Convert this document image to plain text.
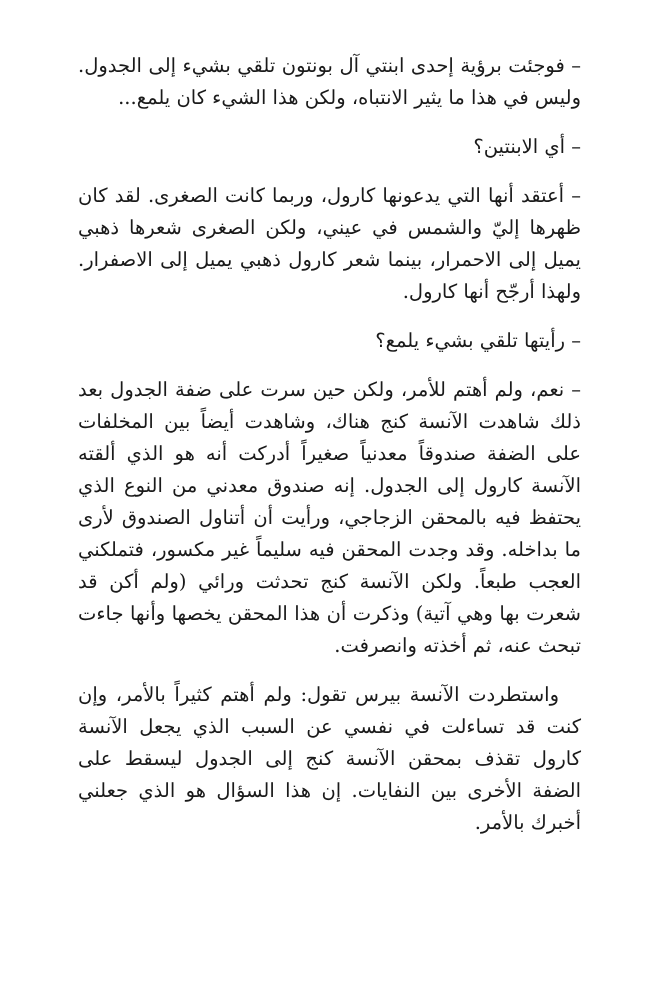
– فوجئت برؤية إحدى ابنتي آل بونتون تلقي بشيء إلى الجدول. وليس في هذا ما يثير الانتباه، ولكن هذا الشيء كان يلمع...

– أي الابنتين؟

– أعتقد أنها التي يدعونها كارول، وربما كانت الصغرى. لقد كان ظهرها إليّ والشمس في عيني، ولكن الصغرى شعرها ذهبي يميل إلى الاحمرار، بينما شعر كارول ذهبي يميل إلى الاصفرار. ولهذا أرجّح أنها كارول.

– رأيتها تلقي بشيء يلمع؟

– نعم، ولم أهتم للأمر، ولكن حين سرت على ضفة الجدول بعد ذلك شاهدت الآنسة كنج هناك، وشاهدت أيضاً بين المخلفات على الضفة صندوقاً معدنياً صغيراً أدركت أنه هو الذي ألقته الآنسة كارول إلى الجدول. إنه صندوق معدني من النوع الذي يحتفظ فيه بالمحقن الزجاجي، ورأيت أن أتناول الصندوق لأرى ما بداخله. وقد وجدت المحقن فيه سليماً غير مكسور، فتملكني العجب طبعاً. ولكن الآنسة كنج تحدثت ورائي (ولم أكن قد شعرت بها وهي آتية) وذكرت أن هذا المحقن يخصها وأنها جاءت تبحث عنه، ثم أخذته وانصرفت.

واستطردت الآنسة بيرس تقول: ولم أهتم كثيراً بالأمر، وإن كنت قد تساءلت في نفسي عن السبب الذي يجعل الآنسة كارول تقذف بمحقن الآنسة كنج إلى الجدول ليسقط على الضفة الأخرى بين النفايات. إن هذا السؤال هو الذي جعلني أخبرك بالأمر.
